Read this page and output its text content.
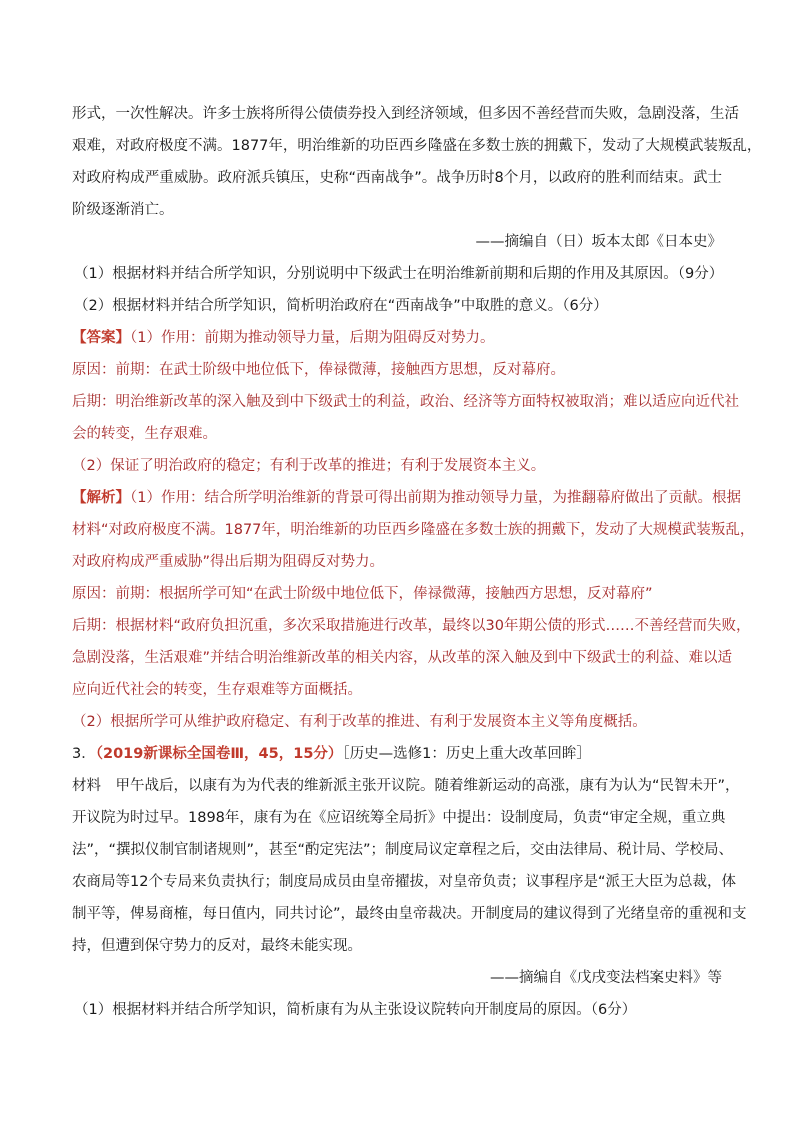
形式，一次性解决。许多士族将所得公债债券投入到经济领域，但多因不善经营而失败，急剧没落，生活
艰难，对政府极度不满。1877年，明治维新的功臣西乡隆盛在多数士族的拥戴下，发动了大规模武装叛乱，
对政府构成严重威胁。政府派兵镇压，史称“西南战争”。战争历时8个月，以政府的胜利而结束。武士
阶级逐渐消亡。
——摘编自（日）坂本太郎《日本史》
（1）根据材料并结合所学知识，分别说明中下级武士在明治维新前期和后期的作用及其原因。（9分）
（2）根据材料并结合所学知识，简析明治政府在“西南战争”中取胜的意义。（6分）
【答案】（1）作用：前期为推动领导力量，后期为阻碍反对势力。
原因：前期：在武士阶级中地位低下，俸禄微薄，接触西方思想，反对幕府。
后期：明治维新改革的深入触及到中下级武士的利益，政治、经济等方面特权被取消；难以适应向近代社
会的转变，生存艰难。
（2）保证了明治政府的稳定；有利于改革的推进；有利于发展资本主义。
【解析】（1）作用：结合所学明治维新的背景可得出前期为推动领导力量，为推翻幕府做出了贡献。根据
材料“对政府极度不满。1877年，明治维新的功臣西乡隆盛在多数士族的拥戴下，发动了大规模武装叛乱，
对政府构成严重威胁”得出后期为阻碍反对势力。
原因：前期：根据所学可知“在武士阶级中地位低下，俸禄微薄，接触西方思想，反对幕府”
后期：根据材料“政府负担沉重，多次采取措施进行改革，最终以30年期公债的形式……不善经营而失败，
急剧没落，生活艰难”并结合明治维新改革的相关内容，从改革的深入触及到中下级武士的利益、难以适
应向近代社会的转变，生存艰难等方面概括。
（2）根据所学可从维护政府稳定、有利于改革的推进、有利于发展资本主义等角度概括。
3．（2019新课标全国卷Ⅲ，45，15分）［历史—选修1：历史上重大改革回眸］
材料　甲午战后，以康有为为代表的维新派主张开议院。随着维新运动的高涨，康有为认为“民智未开”，
开议院为时过早。1898年，康有为在《应诏统筹全局折》中提出：设制度局，负责“审定全规，重立典
法”，“撰拟仪制官制诸规则”，甚至“酌定宪法”；制度局议定章程之后，交由法律局、税计局、学校局、
农商局等12个专局来负责执行；制度局成员由皇帝擢拔，对皇帝负责；议事程序是“派王大臣为总裁，体
制平等，俾易商榷，每日值内，同共讨论”，最终由皇帝裁决。开制度局的建议得到了光绪皇帝的重视和支
持，但遭到保守势力的反对，最终未能实现。
——摘编自《戊戌变法档案史料》等
（1）根据材料并结合所学知识，简析康有为从主张设议院转向开制度局的原因。（6分）
